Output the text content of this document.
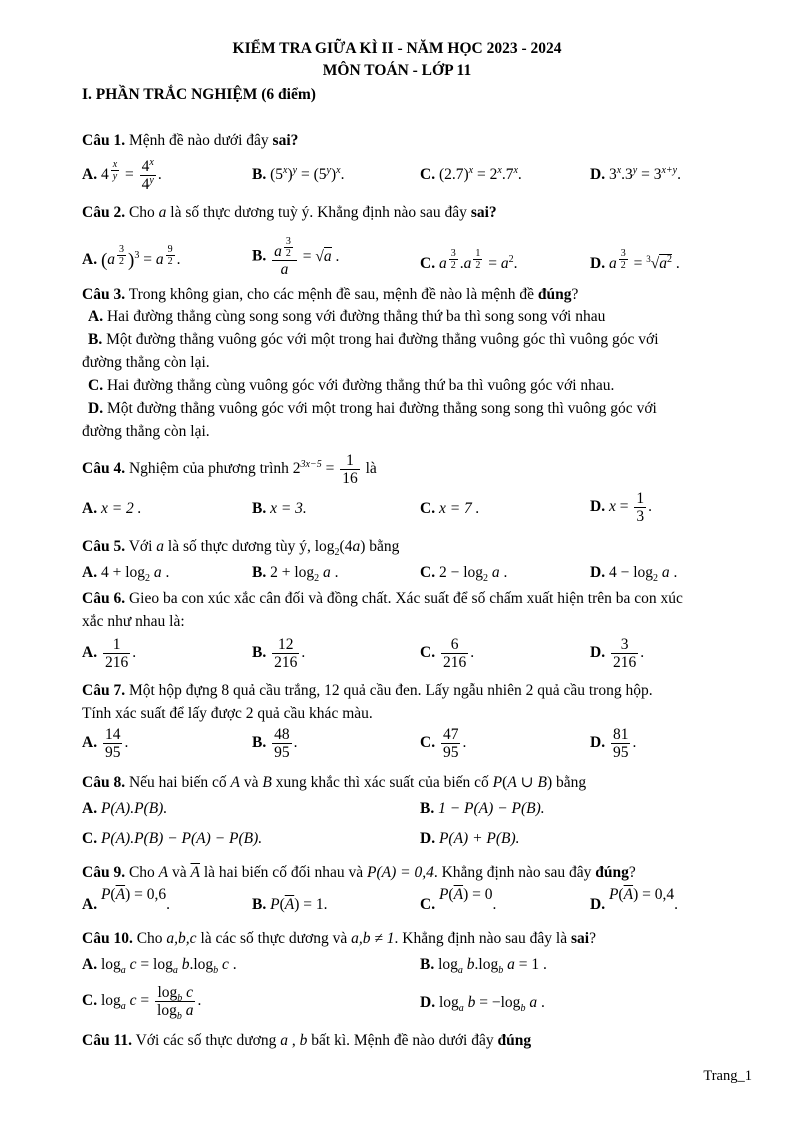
KIỂM TRA GIỮA KÌ II - NĂM HỌC 2023 - 2024
MÔN TOÁN - LỚP 11
I. PHẦN TRẮC NGHIỆM (6 điểm)
Câu 1. Mệnh đề nào dưới đây sai?
A. 4 $^{\frac{x}{y}} = \frac{4^x}{4^y}$ .	B. $(5^x)^y = (5^y)^x$.	C. $(2.7)^x = 2^x.7^x$.	D. $3^x.3^y = 3^{x+y}$.
Câu 2. Cho a là số thực dương tuỳ ý. Khẳng định nào sau đây sai?
A. (a $^{\frac{3}{2}}$ )$^3$ = a $^{\frac{9}{2}}$ .	B. a $^{\frac{3}{2}}$
a = √a .	C. a $^{\frac{3}{2}}$ .a $^{\frac{1}{2}} = a^2$.	D. a $^{\frac{3}{2}} = ^3√a^2$ .
Câu 3. Trong không gian, cho các mệnh đề sau, mệnh đề nào là mệnh đề đúng?
A. Hai đường thẳng cùng song song với đường thẳng thứ ba thì song song với nhau
B. Một đường thẳng vuông góc với một trong hai đường thẳng vuông góc thì vuông góc với
đường thẳng còn lại.
C. Hai đường thẳng cùng vuông góc với đường thẳng thứ ba thì vuông góc với nhau.
D. Một đường thẳng vuông góc với một trong hai đường thẳng song song thì vuông góc với
đường thẳng còn lại.
Câu 4. Nghiệm của phương trình $2^{3x-5} = \frac{1}{16}$ là
A. x = 2 .	B. x = 3.	C. x = 7 .	D. $x = \frac{1}{3}$ .
Câu 5. Với a là số thực dương tùy ý, $\log_2(4a)$ bằng
A. $4 + \log_2 a$ .	B. $2 + \log_2 a$ .	C. $2 - \log_2 a$ .	D. $4 - \log_2 a$ .
Câu 6. Gieo ba con xúc xắc cân đối và đồng chất. Xác suất để số chấm xuất hiện trên ba con xúc
xắc như nhau là:
A. $\frac{1}{216}$ .	B. $\frac{12}{216}$ .	C. $\frac{6}{216}$ .	D. $\frac{3}{216}$ .
Câu 7. Một hộp đựng 8 quả cầu trắng, 12 quả cầu đen. Lấy ngẫu nhiên 2 quả cầu trong hộp.
Tính xác suất để lấy được 2 quả cầu khác màu.
A. $\frac{14}{95}$ .	B. $\frac{48}{95}$ .	C. $\frac{47}{95}$ .	D. $\frac{81}{95}$ .
Câu 8. Nếu hai biến cố A và B xung khắc thì xác suất của biến cố P(A ∪ B) bằng
A. P(A).P(B).	B. 1 − P(A) − P(B).
C. P(A).P(B) − P(A) − P(B).	D. P(A) + P(B).
Câu 9. Cho A và $\overline{A}$ là hai biến cố đối nhau và P(A) = 0,4. Khẳng định nào sau đây đúng?
A. $P(\overline{A}) = 0,6$.	B. $P(\overline{A}) = 1$.	C. $P(\overline{A}) = 0$.	D. $P(\overline{A}) = 0,4$.
Câu 10. Cho a,b,c là các số thực dương và a,b ≠ 1. Khẳng định nào sau đây là sai?
A. $\log_a c = \log_a b.\log_b$ c .	B. $\log_a b.\log_b$ a = 1 .
C. $\log_a c = \frac{\log_b c}{\log_b a}$ .	D. $\log_a b = -\log_b$ a .
Câu 11. Với các số thực dương a , b bất kì. Mệnh đề nào dưới đây đúng
Trang_1
